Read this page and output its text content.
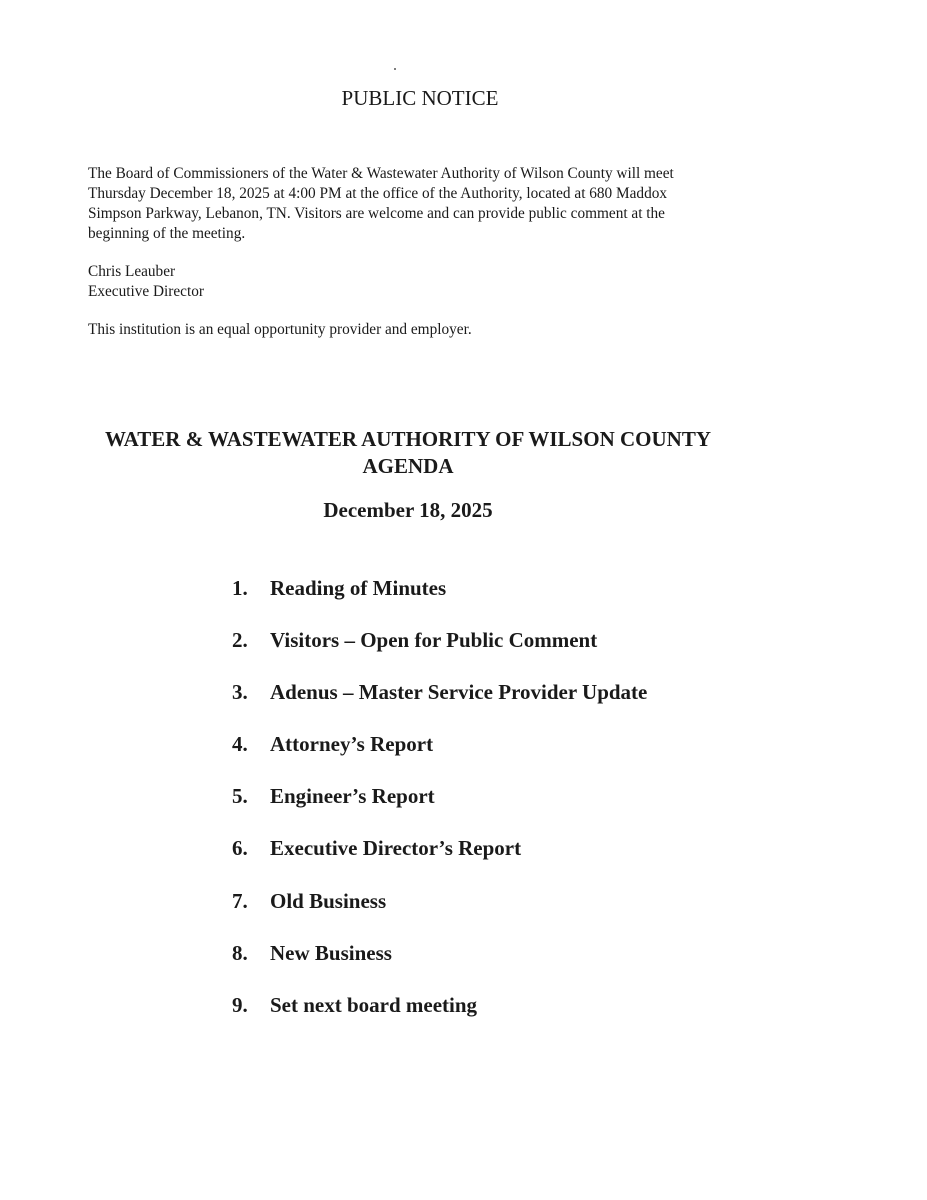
PUBLIC NOTICE
The Board of Commissioners of the Water & Wastewater Authority of Wilson County will meet
Thursday December 18, 2025 at 4:00 PM at the office of the Authority, located at 680 Maddox
Simpson Parkway, Lebanon, TN. Visitors are welcome and can provide public comment at the
beginning of the meeting.
Chris Leauber
Executive Director
This institution is an equal opportunity provider and employer.
WATER & WASTEWATER AUTHORITY OF WILSON COUNTY
AGENDA
December 18, 2025
1.	Reading of Minutes
2.	Visitors – Open for Public Comment
3.	Adenus – Master Service Provider Update
4.	Attorney’s Report
5.	Engineer’s Report
6.	Executive Director’s Report
7.	Old Business
8.	New Business
9.	Set next board meeting
